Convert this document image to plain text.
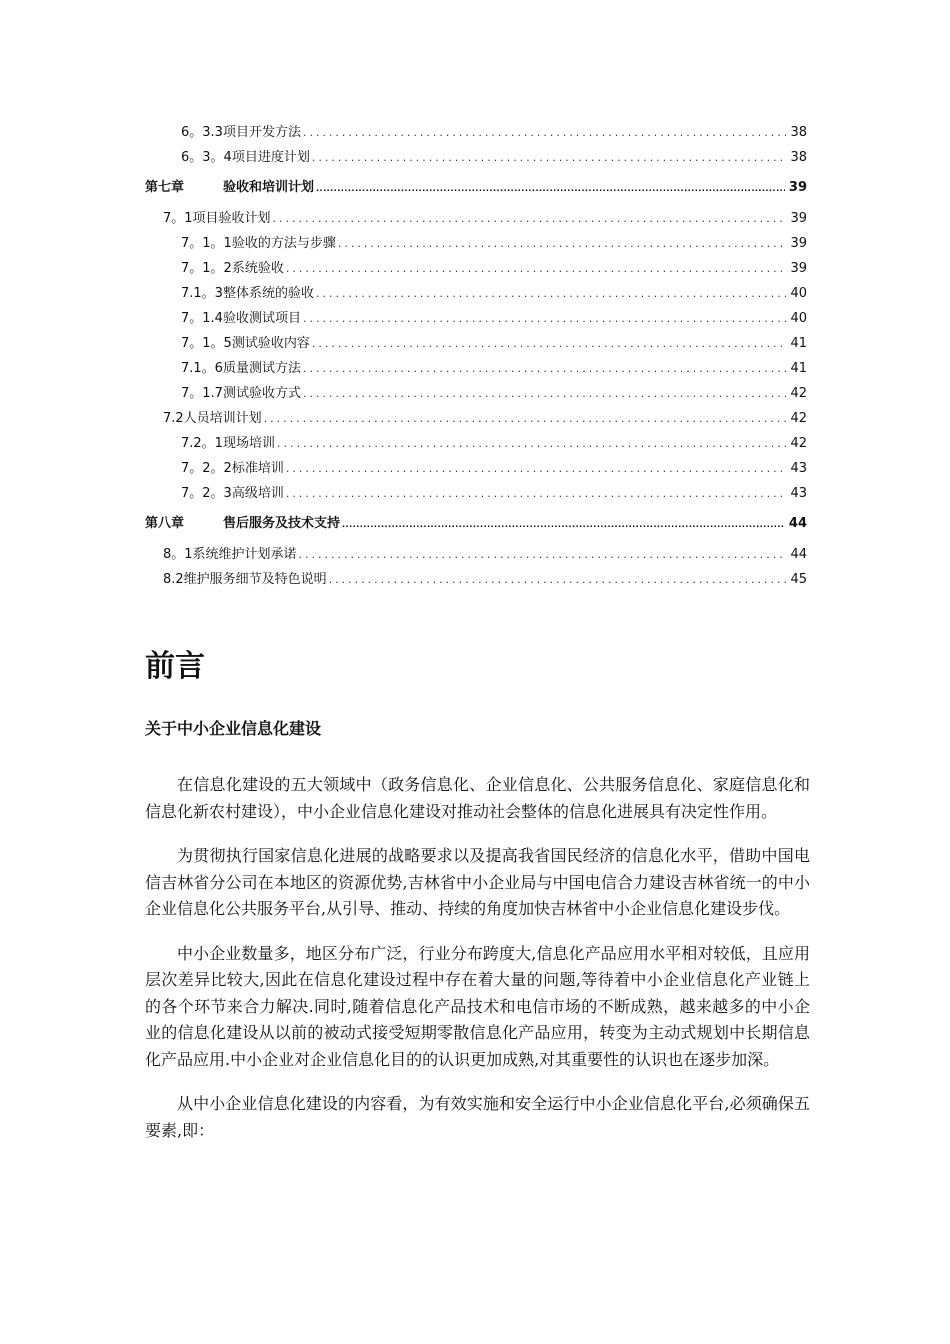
6。3.3项目开发方法 .....	38
6。3。4项目进度计划 .....	38
第七章	验收和培训计划 .....	39
7。1项目验收计划 .....	39
7。1。1验收的方法与步骤 .....	39
7。1。2系统验收 .....	39
7.1。3整体系统的验收 .....	40
7。1.4验收测试项目 .....	40
7。1。5测试验收内容 .....	41
7.1。6质量测试方法 .....	41
7。1.7测试验收方式 .....	42
7.2人员培训计划 .....	42
7.2。1现场培训 .....	42
7。2。2标准培训 .....	43
7。2。3高级培训 .....	43
第八章	售后服务及技术支持 .....	44
8。1系统维护计划承诺 .....	44
8.2维护服务细节及特色说明 .....	45
前言
关于中小企业信息化建设

在信息化建设的五大领域中（政务信息化、企业信息化、公共服务信息化、家庭信息化和信息化新农村建设），中小企业信息化建设对推动社会整体的信息化进展具有决定性作用。

为贯彻执行国家信息化进展的战略要求以及提高我省国民经济的信息化水平，借助中国电信吉林省分公司在本地区的资源优势,吉林省中小企业局与中国电信合力建设吉林省统一的中小企业信息化公共服务平台,从引导、推动、持续的角度加快吉林省中小企业信息化建设步伐。

中小企业数量多，地区分布广泛，行业分布跨度大,信息化产品应用水平相对较低，且应用层次差异比较大,因此在信息化建设过程中存在着大量的问题,等待着中小企业信息化产业链上的各个环节来合力解决.同时,随着信息化产品技术和电信市场的不断成熟，越来越多的中小企业的信息化建设从以前的被动式接受短期零散信息化产品应用，转变为主动式规划中长期信息化产品应用.中小企业对企业信息化目的的认识更加成熟,对其重要性的认识也在逐步加深。

从中小企业信息化建设的内容看，为有效实施和安全运行中小企业信息化平台,必须确保五要素,即：
